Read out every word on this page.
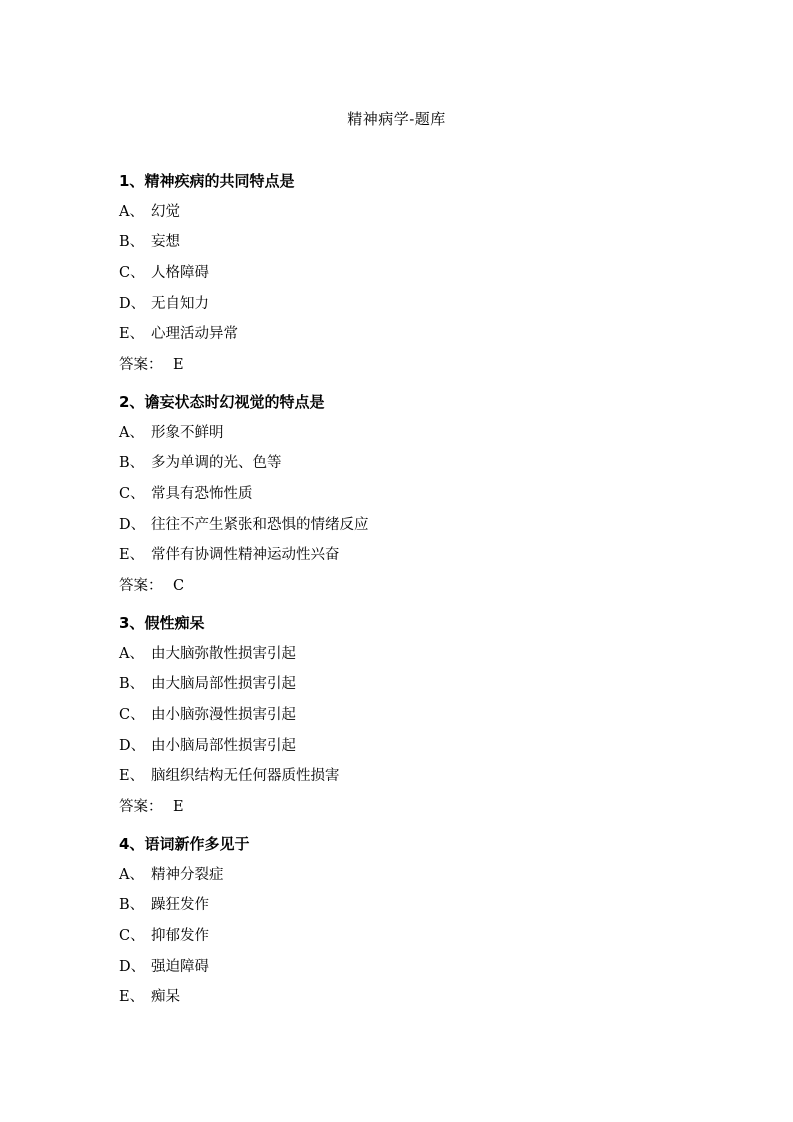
精神病学-题库
1、精神疾病的共同特点是
A、 幻觉
B、 妄想
C、 人格障碍
D、 无自知力
E、 心理活动异常
答案： E
2、谵妄状态时幻视觉的特点是
A、 形象不鲜明
B、 多为单调的光、色等
C、 常具有恐怖性质
D、 往往不产生紧张和恐惧的情绪反应
E、 常伴有协调性精神运动性兴奋
答案： C
3、假性痴呆
A、 由大脑弥散性损害引起
B、 由大脑局部性损害引起
C、 由小脑弥漫性损害引起
D、 由小脑局部性损害引起
E、 脑组织结构无任何器质性损害
答案： E
4、语词新作多见于
A、 精神分裂症
B、 躁狂发作
C、 抑郁发作
D、 强迫障碍
E、 痴呆
